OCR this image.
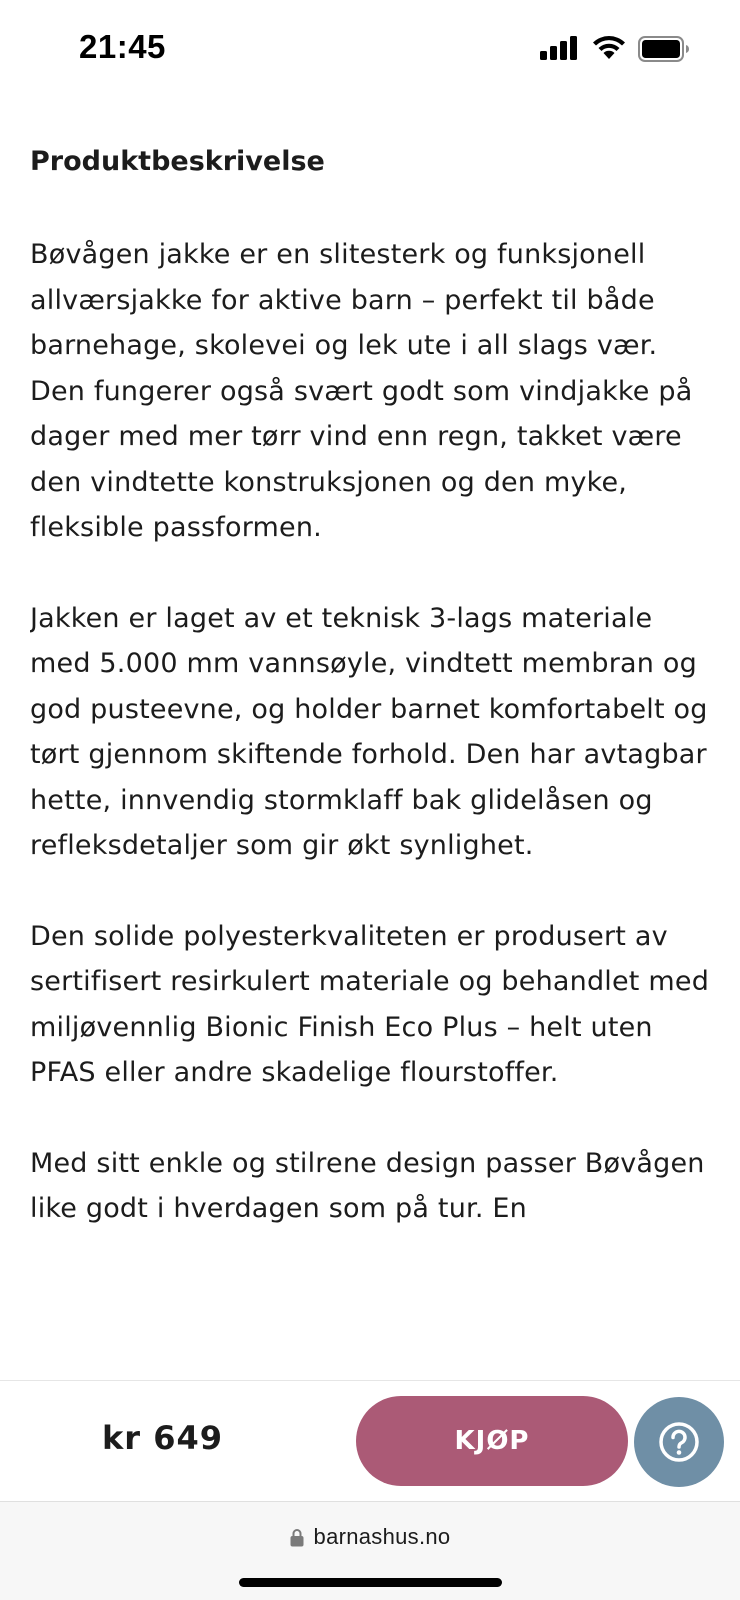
21:45
Produktbeskrivelse

Bøvågen jakke er en slitesterk og funksjonell allværsjakke for aktive barn – perfekt til både barnehage, skolevei og lek ute i all slags vær. Den fungerer også svært godt som vindjakke på dager med mer tørr vind enn regn, takket være den vindtette konstruksjonen og den myke, fleksible passformen.

Jakken er laget av et teknisk 3-lags materiale med 5.000 mm vannsøyle, vindtett membran og god pusteevne, og holder barnet komfortabelt og tørt gjennom skiftende forhold. Den har avtagbar hette, innvendig stormklaff bak glidelåsen og refleksdetaljer som gir økt synlighet.

Den solide polyesterkvaliteten er produsert av sertifisert resirkulert materiale og behandlet med miljøvennlig Bionic Finish Eco Plus – helt uten PFAS eller andre skadelige flourstoffer.

Med sitt enkle og stilrene design passer Bøvågen like godt i hverdagen som på tur. En

kr 649	KJØP
barnashus.no
